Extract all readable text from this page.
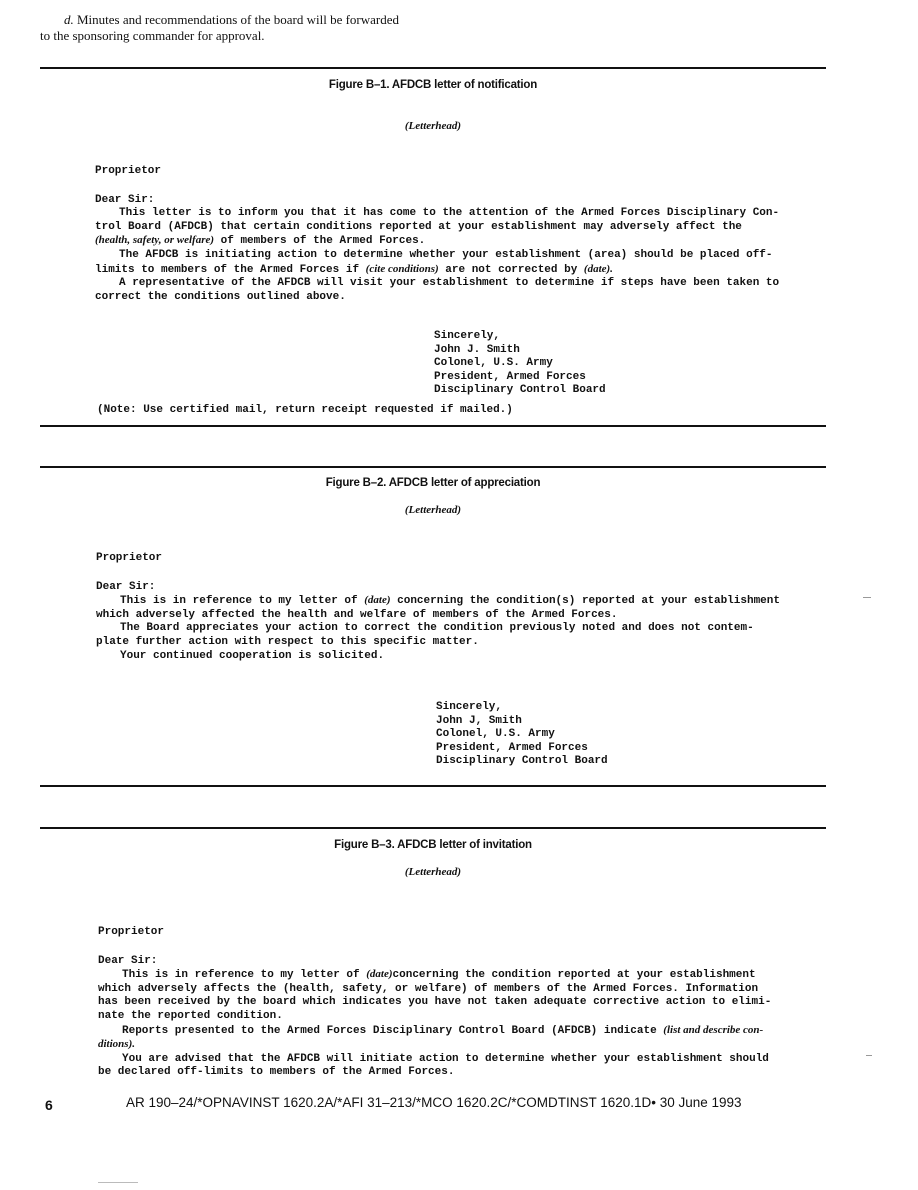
d. Minutes and recommendations of the board will be forwarded
to the sponsoring commander for approval.
Figure B–1. AFDCB letter of notification
(Letterhead)
Proprietor
Dear Sir:
This letter is to inform you that it has come to the attention of the Armed Forces Disciplinary Con-
trol Board (AFDCB) that certain conditions reported at your establishment may adversely affect the
(health, safety, or welfare) of members of the Armed Forces.
The AFDCB is initiating action to determine whether your establishment (area) should be placed off-
limits to members of the Armed Forces if (cite conditions) are not corrected by (date).
A representative of the AFDCB will visit your establishment to determine if steps have been taken to
correct the conditions outlined above.
Sincerely,
John J. Smith
Colonel, U.S. Army
President, Armed Forces
Disciplinary Control Board
(Note: Use certified mail, return receipt requested if mailed.)
Figure B–2. AFDCB letter of appreciation
(Letterhead)
Proprietor
Dear Sir:
This is in reference to my letter of (date) concerning the condition(s) reported at your establishment
which adversely affected the health and welfare of members of the Armed Forces.
The Board appreciates your action to correct the condition previously noted and does not contem-
plate further action with respect to this specific matter.
Your continued cooperation is solicited.
Sincerely,
John J, Smith
Colonel, U.S. Army
President, Armed Forces
Disciplinary Control Board
Figure B–3. AFDCB letter of invitation
(Letterhead)
Proprietor
Dear Sir:
This is in reference to my letter of (date)concerning the condition reported at your establishment
which adversely affects the (health, safety, or welfare) of members of the Armed Forces. Information
has been received by the board which indicates you have not taken adequate corrective action to elimi-
nate the reported condition.
Reports presented to the Armed Forces Disciplinary Control Board (AFDCB) indicate (list and describe con-
ditions).
You are advised that the AFDCB will initiate action to determine whether your establishment should
be declared off-limits to members of the Armed Forces.
6	AR 190–24/*OPNAVINST 1620.2A/*AFI 31–213/*MCO 1620.2C/*COMDTINST 1620.1D• 30 June 1993
